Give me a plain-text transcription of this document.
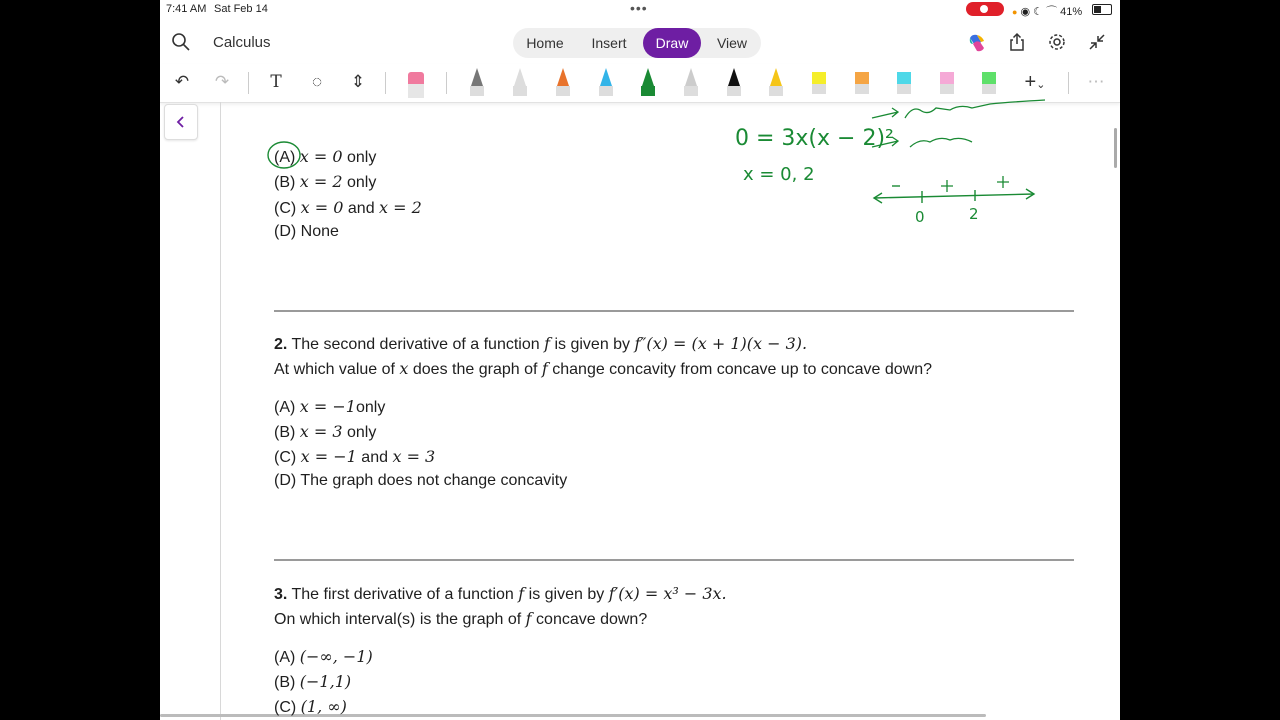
7:41 AM Sat Feb 14	•••	● ◉ ☾ ⌒ 41%
Calculus	Home	Insert	Draw	View
↶ ↷	T	◌	⇕	+⌄	⋯
(A) x = 0 only
(B) x = 2 only
(C) x = 0 and x = 2
(D) None
2. The second derivative of a function f is given by f″(x) = (x + 1)(x − 3).
At which value of x does the graph of f change concavity from concave up to concave down?
(A) x = −1only
(B) x = 3 only
(C) x = −1 and x = 3
(D) The graph does not change concavity
3. The first derivative of a function f is given by f′(x) = x³ − 3x.
On which interval(s) is the graph of f concave down?
(A) (−∞, −1)
(B) (−1,1)
(C) (1, ∞)
0 = 3x(x − 2)²
x = 0, 2
0	2
